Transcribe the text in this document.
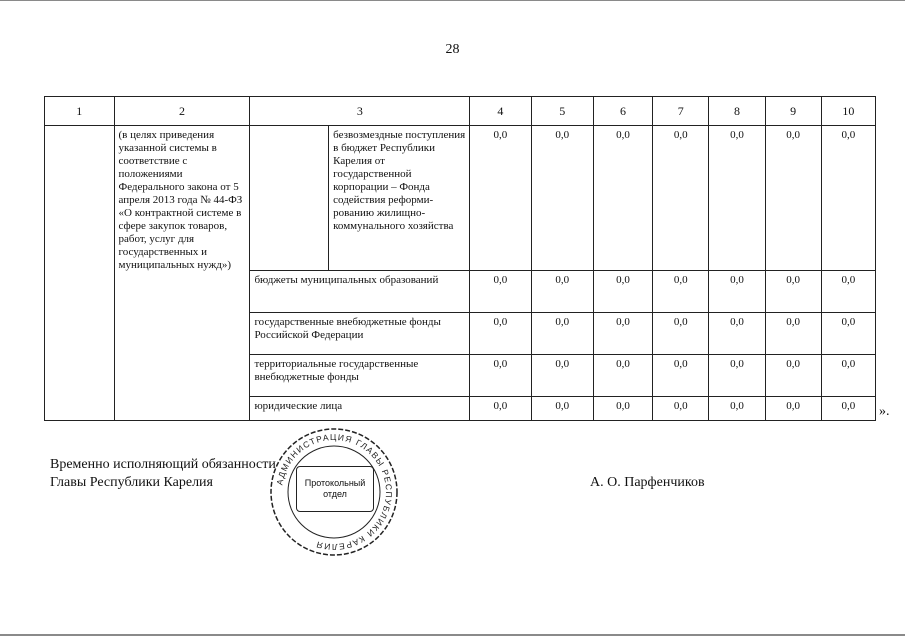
28
1	2	3		4	5	6	7	8	9	10
	(в целях приведения указанной системы в соответствие с положениями Федерального закона от 5 апреля 2013 года № 44-ФЗ «О контрактной системе в сфере закупок товаров, работ, услуг для государственных и муниципальных нужд»)		безвозмездные поступления в бюджет Республики Карелия от государственной корпорации – Фонда содействия реформи-рованию жилищно-коммунального хозяйства	0,0	0,0	0,0	0,0	0,0	0,0	0,0
		бюджеты муниципальных образований		0,0	0,0	0,0	0,0	0,0	0,0	0,0
		государственные внебюджетные фонды Российской Федерации		0,0	0,0	0,0	0,0	0,0	0,0	0,0
		территориальные государственные внебюджетные фонды		0,0	0,0	0,0	0,0	0,0	0,0	0,0
		юридические лица		0,0	0,0	0,0	0,0	0,0	0,0	0,0 ».
Временно исполняющий обязанности
Главы Республики Карелия	АДМИНИСТРАЦИЯ ГЛАВЫ РЕСПУБЛИКИ КАРЕЛИЯ
Протокольный
отдел
А. О. Парфенчиков
